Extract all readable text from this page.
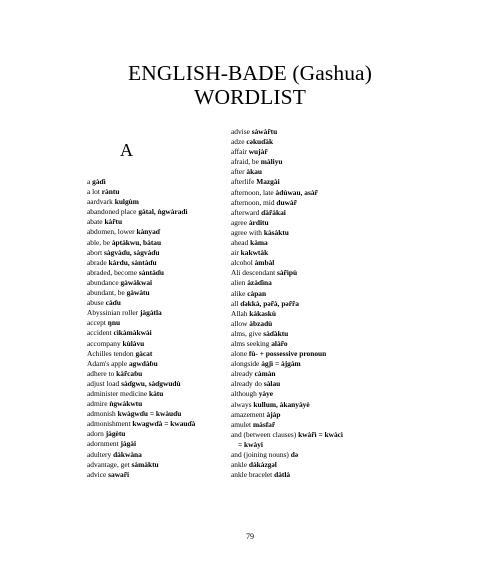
ENGLISH-BADE (Gashua)
WORDLIST
A
a gàɗì
a lot ràntu
aardvark kulgùm
abandoned place gàtal, ǹgwàradì
abate kàr̃tu
abdomen, lower kànyaɗ
able, be àptàkwu, bàtau
abort sàgvàɗu, sàgvàɗu
abrade kàrdu, sàntàɗu
abraded, become sàntàɗu
abundance gàwàkwai
abundant, be gàwàtu
abuse càɗu
Abyssinian roller jàgàtla
accept ŋnu
accident cìkàmàkwài
accompany kùlàvu
Achilles tendon gàcat
Adam's apple agwdàɓu
adhere to kàr̃caɓu
adjust load sàɗgwu, sàɗgwudù
administer medicine kàtu
admire ǹgwàkwtu
admonish kwàgwɗu = kwàuɗu
admonishment kwagwɗà = kwauɗà
adorn jàgètu
adornment jàgài
adultery dàkwàna
advantage, get sàmàktu
advice sawar̃i
advise sàwàr̃tu
adze cəkuɗàk
affair wujàr̃
afraid, be màliyu
after àkau
afterlife Mazgài
afternoon, late àdùwau, asàr̃
afternoon, mid duwàr̃
afterward ɗàr̃àkai
agree àrditu
agree with kàsàktu
ahead kàma
air kakwtàk
alcohol àmbàl
Ali descendant sàr̃ìpù
alien àzàɗìna
alike càpan
all ɗəkkà, pər̃à, pər̃r̃a
Allah kàkaskù
allow àbzadù
alms, give sàɗàktu
alms seeking alàr̃o
alone fù- + possessive pronoun
alongside àgjì = àjgàm
already càmàn
already do sàlau
although yàye
always kullum, àkanyàyè
amazement àjàp
amulet màsfar̃
and (between clauses) kwàr̃ì = kwàcì
= kwàyi
and (joining nouns) də
ankle dàkàzgəl
ankle bracelet dàtlà
79
